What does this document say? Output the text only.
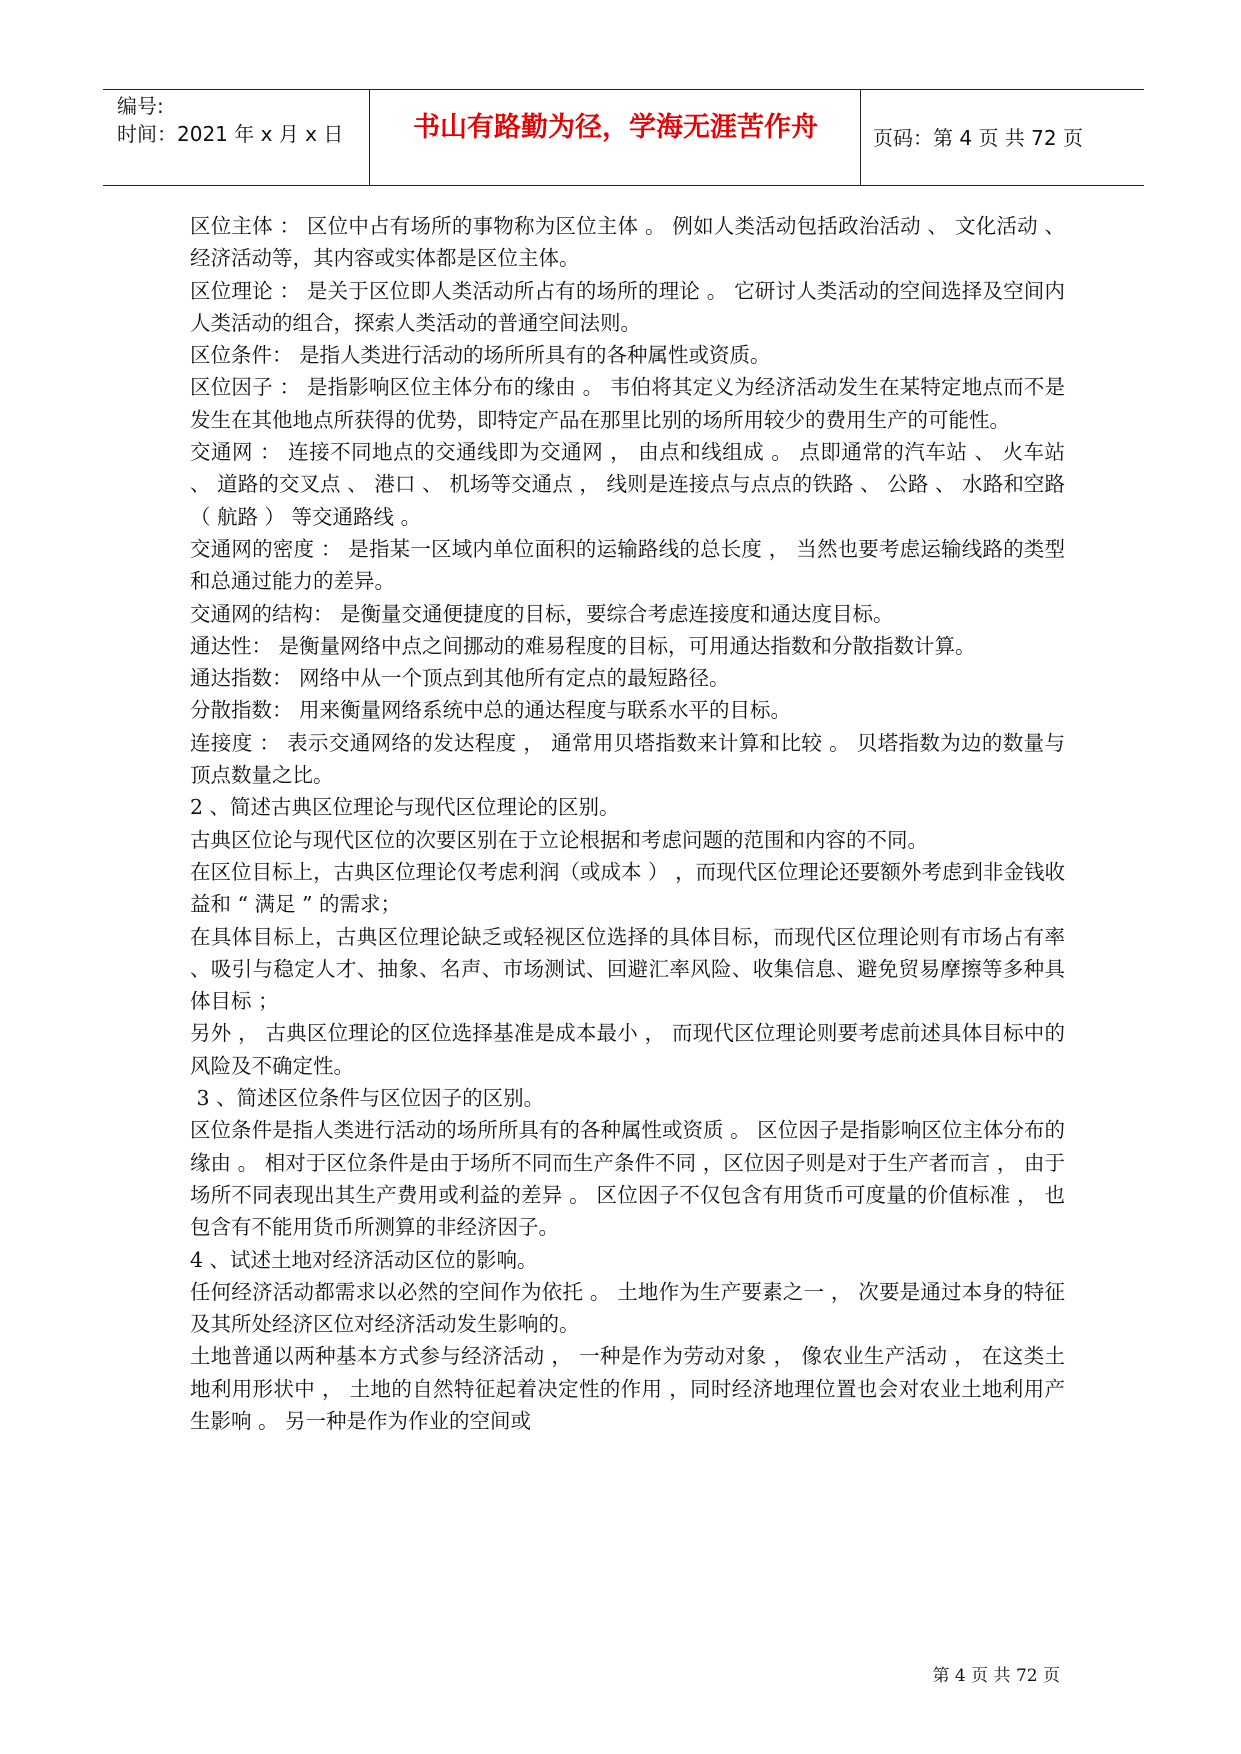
编号:
时间：2021 年 x 月 x 日	书山有路勤为径，学海无涯苦作舟	页码：第 4 页 共 72 页

区位主体 ： 区位中占有场所的事物称为区位主体 。 例如人类活动包括政治活动 、 文化活动 、 经济活动等，其内容或实体都是区位主体。

区位理论 ： 是关于区位即人类活动所占有的场所的理论 。 它研讨人类活动的空间选择及空间内人类活动的组合，探索人类活动的普通空间法则。

区位条件： 是指人类进行活动的场所所具有的各种属性或资质。

区位因子 ： 是指影响区位主体分布的缘由 。 韦伯将其定义为经济活动发生在某特定地点而不是发生在其他地点所获得的优势，即特定产品在那里比别的场所用较少的费用生产的可能性。

交通网 ： 连接不同地点的交通线即为交通网 ， 由点和线组成 。 点即通常的汽车站 、 火车站 、 道路的交叉点 、 港口 、 机场等交通点 ， 线则是连接点与点点的铁路 、 公路 、 水路和空路 （ 航路 ） 等交通路线 。

交通网的密度 ： 是指某一区域内单位面积的运输路线的总长度 ， 当然也要考虑运输线路的类型和总通过能力的差异。

交通网的结构： 是衡量交通便捷度的目标，要综合考虑连接度和通达度目标。

通达性： 是衡量网络中点之间挪动的难易程度的目标，可用通达指数和分散指数计算。

通达指数： 网络中从一个顶点到其他所有定点的最短路径。

分散指数： 用来衡量网络系统中总的通达程度与联系水平的目标。

连接度 ： 表示交通网络的发达程度 ， 通常用贝塔指数来计算和比较 。 贝塔指数为边的数量与顶点数量之比。

2 、简述古典区位理论与现代区位理论的区别。

古典区位论与现代区位的次要区别在于立论根据和考虑问题的范围和内容的不同。

在区位目标上，古典区位理论仅考虑利润（或成本 ） ，而现代区位理论还要额外考虑到非金钱收益和 “ 满足 ” 的需求；

在具体目标上，古典区位理论缺乏或轻视区位选择的具体目标，而现代区位理论则有市场占有率 、吸引与稳定人才、抽象、名声、市场测试、回避汇率风险、收集信息、避免贸易摩擦等多种具体目标 ；

另外 ， 古典区位理论的区位选择基准是成本最小 ， 而现代区位理论则要考虑前述具体目标中的风险及不确定性。

3 、简述区位条件与区位因子的区别。

区位条件是指人类进行活动的场所所具有的各种属性或资质 。 区位因子是指影响区位主体分布的缘由 。 相对于区位条件是由于场所不同而生产条件不同 ，区位因子则是对于生产者而言 ， 由于场所不同表现出其生产费用或利益的差异 。 区位因子不仅包含有用货币可度量的价值标准 ， 也包含有不能用货币所测算的非经济因子。

4 、试述土地对经济活动区位的影响。

任何经济活动都需求以必然的空间作为依托 。 土地作为生产要素之一 ， 次要是通过本身的特征及其所处经济区位对经济活动发生影响的。

土地普通以两种基本方式参与经济活动 ， 一种是作为劳动对象 ， 像农业生产活动 ， 在这类土地利用形状中 ， 土地的自然特征起着决定性的作用 ，同时经济地理位置也会对农业土地利用产生影响 。 另一种是作为作业的空间或

第 4 页 共 72 页
